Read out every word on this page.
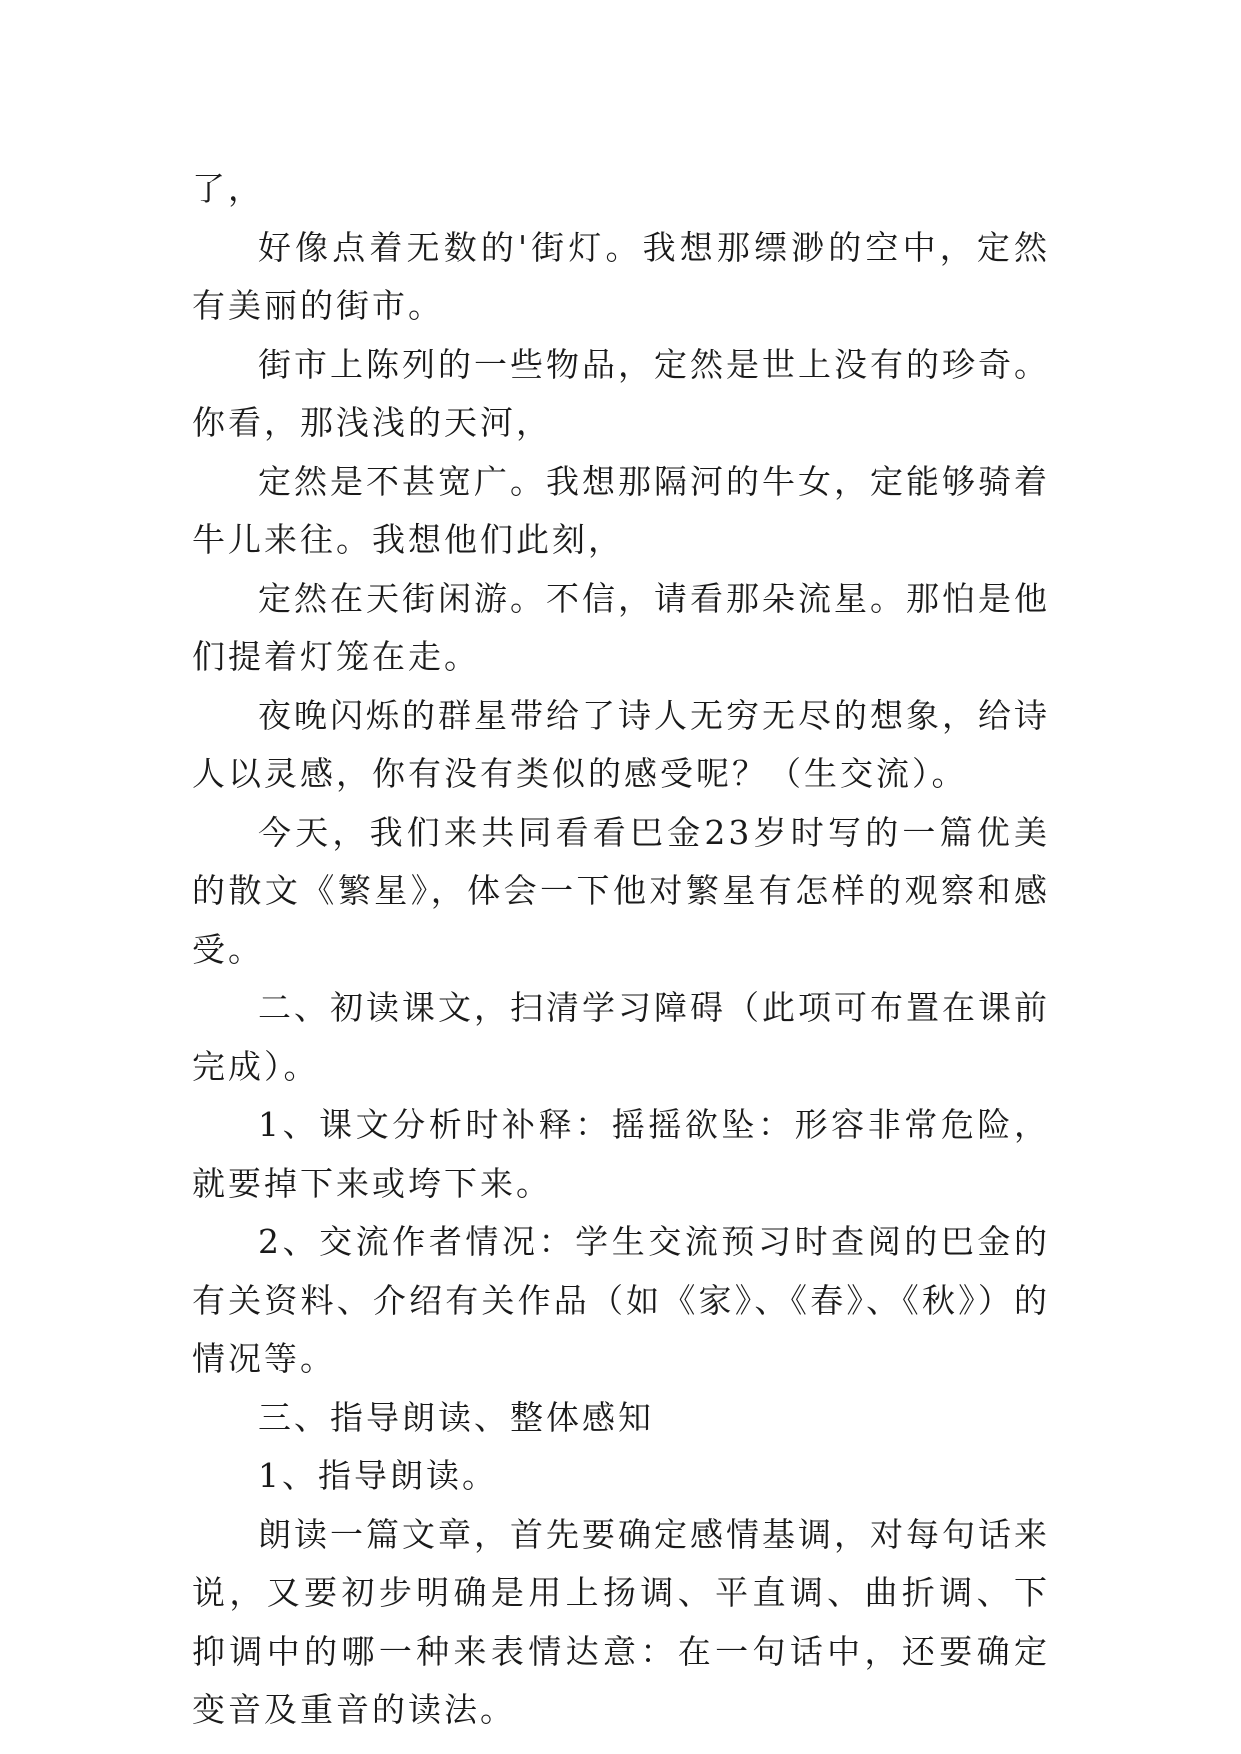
了，

好像点着无数的'街灯。我想那缥渺的空中，定然有美丽的街市。

街市上陈列的一些物品，定然是世上没有的珍奇。你看，那浅浅的天河，

定然是不甚宽广。我想那隔河的牛女，定能够骑着牛儿来往。我想他们此刻，

定然在天街闲游。不信，请看那朵流星。那怕是他们提着灯笼在走。

夜晚闪烁的群星带给了诗人无穷无尽的想象，给诗人以灵感，你有没有类似的感受呢？（生交流）。

今天，我们来共同看看巴金23岁时写的一篇优美的散文《繁星》，体会一下他对繁星有怎样的观察和感受。

二、初读课文，扫清学习障碍（此项可布置在课前完成）。

1、课文分析时补释：摇摇欲坠：形容非常危险，就要掉下来或垮下来。

2、交流作者情况：学生交流预习时查阅的巴金的有关资料、介绍有关作品（如《家》、《春》、《秋》）的情况等。

三、指导朗读、整体感知

1、指导朗读。

朗读一篇文章，首先要确定感情基调，对每句话来说，又要初步明确是用上扬调、平直调、曲折调、下抑调中的哪一种来表情达意：在一句话中，还要确定变音及重音的读法。
